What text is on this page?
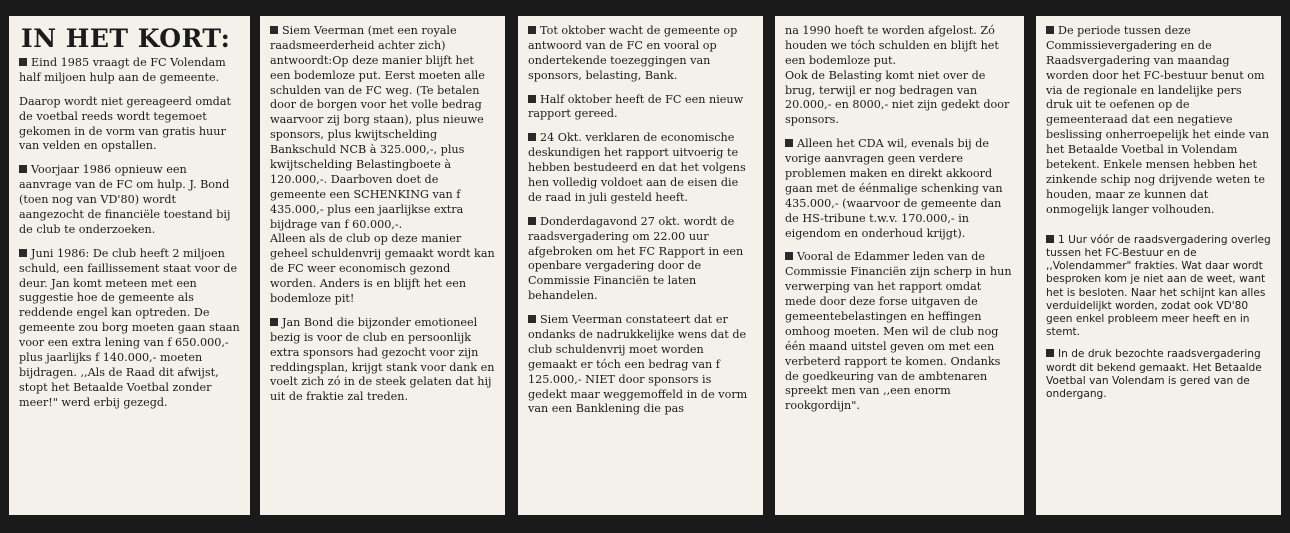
IN HET KORT:

Eind 1985 vraagt de FC Volendam half miljoen hulp aan de gemeente.

Daarop wordt niet gereageerd omdat de voetbal reeds wordt tegemoet gekomen in de vorm van gratis huur van velden en opstallen.

Voorjaar 1986 opnieuw een aanvrage van de FC om hulp. J. Bond (toen nog van VD'80) wordt aangezocht de financiële toestand bij de club te onderzoeken.

Juni 1986: De club heeft 2 miljoen schuld, een faillissement staat voor de deur. Jan komt meteen met een suggestie hoe de gemeente als reddende engel kan optreden. De gemeente zou borg moeten gaan staan voor een extra lening van f 650.000,- plus jaarlijks f 140.000,- moeten bijdragen. ,,Als de Raad dit afwijst, stopt het Betaalde Voetbal zonder meer!" werd erbij gezegd.

Siem Veerman (met een royale raadsmeerderheid achter zich) antwoordt:Op deze manier blijft het een bodemloze put. Eerst moeten alle schulden van de FC weg. (Te betalen door de borgen voor het volle bedrag waarvoor zij borg staan), plus nieuwe sponsors, plus kwijtschelding Bankschuld NCB à 325.000,-, plus kwijtschelding Belastingboete à 120.000,-. Daarboven doet de gemeente een SCHENKING van f 435.000,- plus een jaarlijkse extra bijdrage van f 60.000,-.

Alleen als de club op deze manier geheel schuldenvrij gemaakt wordt kan de FC weer economisch gezond worden. Anders is en blijft het een bodemloze pit!

Jan Bond die bijzonder emotioneel bezig is voor de club en persoonlijk extra sponsors had gezocht voor zijn reddingsplan, krijgt stank voor dank en voelt zich zó in de steek gelaten dat hij uit de fraktie zal treden.

Tot oktober wacht de gemeente op antwoord van de FC en vooral op ondertekende toezeggingen van sponsors, belasting, Bank.

Half oktober heeft de FC een nieuw rapport gereed.

24 Okt. verklaren de economische deskundigen het rapport uitvoerig te hebben bestudeerd en dat het volgens hen volledig voldoet aan de eisen die de raad in juli gesteld heeft.

Donderdagavond 27 okt. wordt de raadsvergadering om 22.00 uur afgebroken om het FC Rapport in een openbare vergadering door de Commissie Financiën te laten behandelen.

Siem Veerman constateert dat er ondanks de nadrukkelijke wens dat de club schuldenvrij moet worden gemaakt er tóch een bedrag van f 125.000,- NIET door sponsors is gedekt maar weggemoffeld in de vorm van een Banklening die pas

na 1990 hoeft te worden afgelost. Zó houden we tóch schulden en blijft het een bodemloze put.

Ook de Belasting komt niet over de brug, terwijl er nog bedragen van 20.000,- en 8000,- niet zijn gedekt door sponsors.

Alleen het CDA wil, evenals bij de vorige aanvragen geen verdere problemen maken en direkt akkoord gaan met de éénmalige schenking van 435.000,- (waarvoor de gemeente dan de HS-tribune t.w.v. 170.000,- in eigendom en onderhoud krijgt).

Vooral de Edammer leden van de Commissie Financiën zijn scherp in hun verwerping van het rapport omdat mede door deze forse uitgaven de gemeentebelastingen en heffingen omhoog moeten. Men wil de club nog één maand uitstel geven om met een verbeterd rapport te komen. Ondanks de goedkeuring van de ambtenaren spreekt men van ,,een enorm rookgordijn".

De periode tussen deze Commissievergadering en de Raadsvergadering van maandag worden door het FC-bestuur benut om via de regionale en landelijke pers druk uit te oefenen op de gemeenteraad dat een negatieve beslissing onherroepelijk het einde van het Betaalde Voetbal in Volendam betekent. Enkele mensen hebben het zinkende schip nog drijvende weten te houden, maar ze kunnen dat onmogelijk langer volhouden.

1 Uur vóór de raadsvergadering overleg tussen het FC-Bestuur en de ,,Volendammer" frakties. Wat daar wordt besproken kom je niet aan de weet, want het is besloten. Naar het schijnt kan alles verduidelijkt worden, zodat ook VD'80 geen enkel probleem meer heeft en in stemt.

In de druk bezochte raadsvergadering wordt dit bekend gemaakt. Het Betaalde Voetbal van Volendam is gered van de ondergang.
